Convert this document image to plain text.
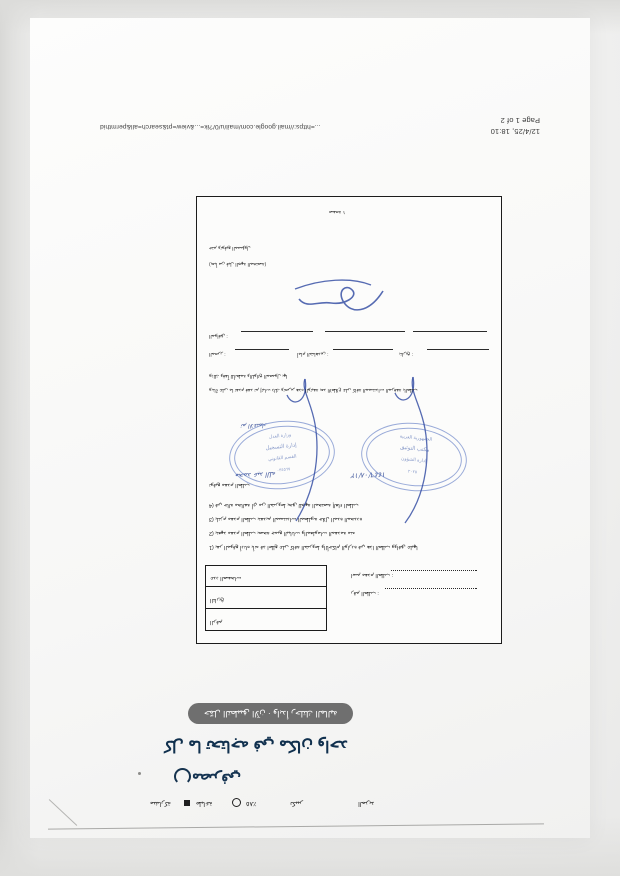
https://mail.google.com/mail/u/0/?ik=...&view=pt&search=all&permthid=...
12/4/25, 18:10
Page 1 of 2
الرقم
التاريخ
عدد الصفحات
رقم الطلب :
اسم مقدم الطلب :
1) يقر الموقع أدناه بأنه قد اطلع على كافة الشروط والأحكام الواردة في هذا الطلب ووافق عليها
2) يتعهد مقدم الطلب بصحة جميع البيانات والمعلومات المقدمة منه
3) يلتزم مقدم الطلب بتقديم المستندات المطلوبة خلال المدة المحددة
4) في حالة مخالفة أي من الشروط يحق للجهة المختصة إلغاء الطلب
توقيع مقدم الطلب
محمد عبد الله	١٤٤٦/٠٨/١٢
تم الاعتماد
الجمهورية العربية
مكتب التوثيق
إدارة الشؤون
٢٠٢٥
وزارة العدل
إدارة التسجيل
القسم القانوني
٠٣٤٥٦٧
وبناءً على ما تقدم فقد تم إثبات ذلك وتحرير هذه الوثيقة بعد الاطلاع على كافة المستندات المرفقة بالطلب
وذلك وفقاً للأنظمة واللوائح المعمول بها
المحرر :	أمام الشاهدين :	بتاريخ :
الموافق :
(يعبأ من قبل الجهة المختصة)
ختم وتوقيع المسؤول
صفحة ١
مشاركة	طباعة	٨٥٪	تكبير	المزيد
مصرفي
كل ما تحتاجه في مكان واحد
حمّل التطبيق الآن · وابدأ رحلتك المالية
